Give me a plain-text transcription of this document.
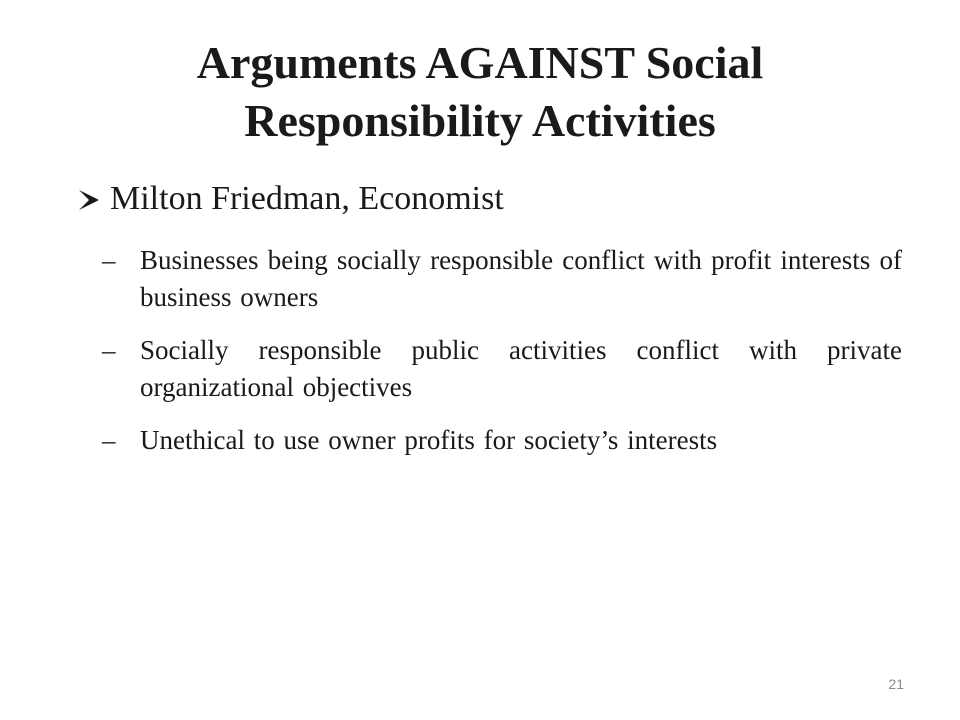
Arguments AGAINST Social
Responsibility Activities
Milton Friedman, Economist
– Businesses being socially responsible conflict with profit interests of business owners
– Socially responsible public activities conflict with private organizational objectives
– Unethical to use owner profits for society’s interests
21
